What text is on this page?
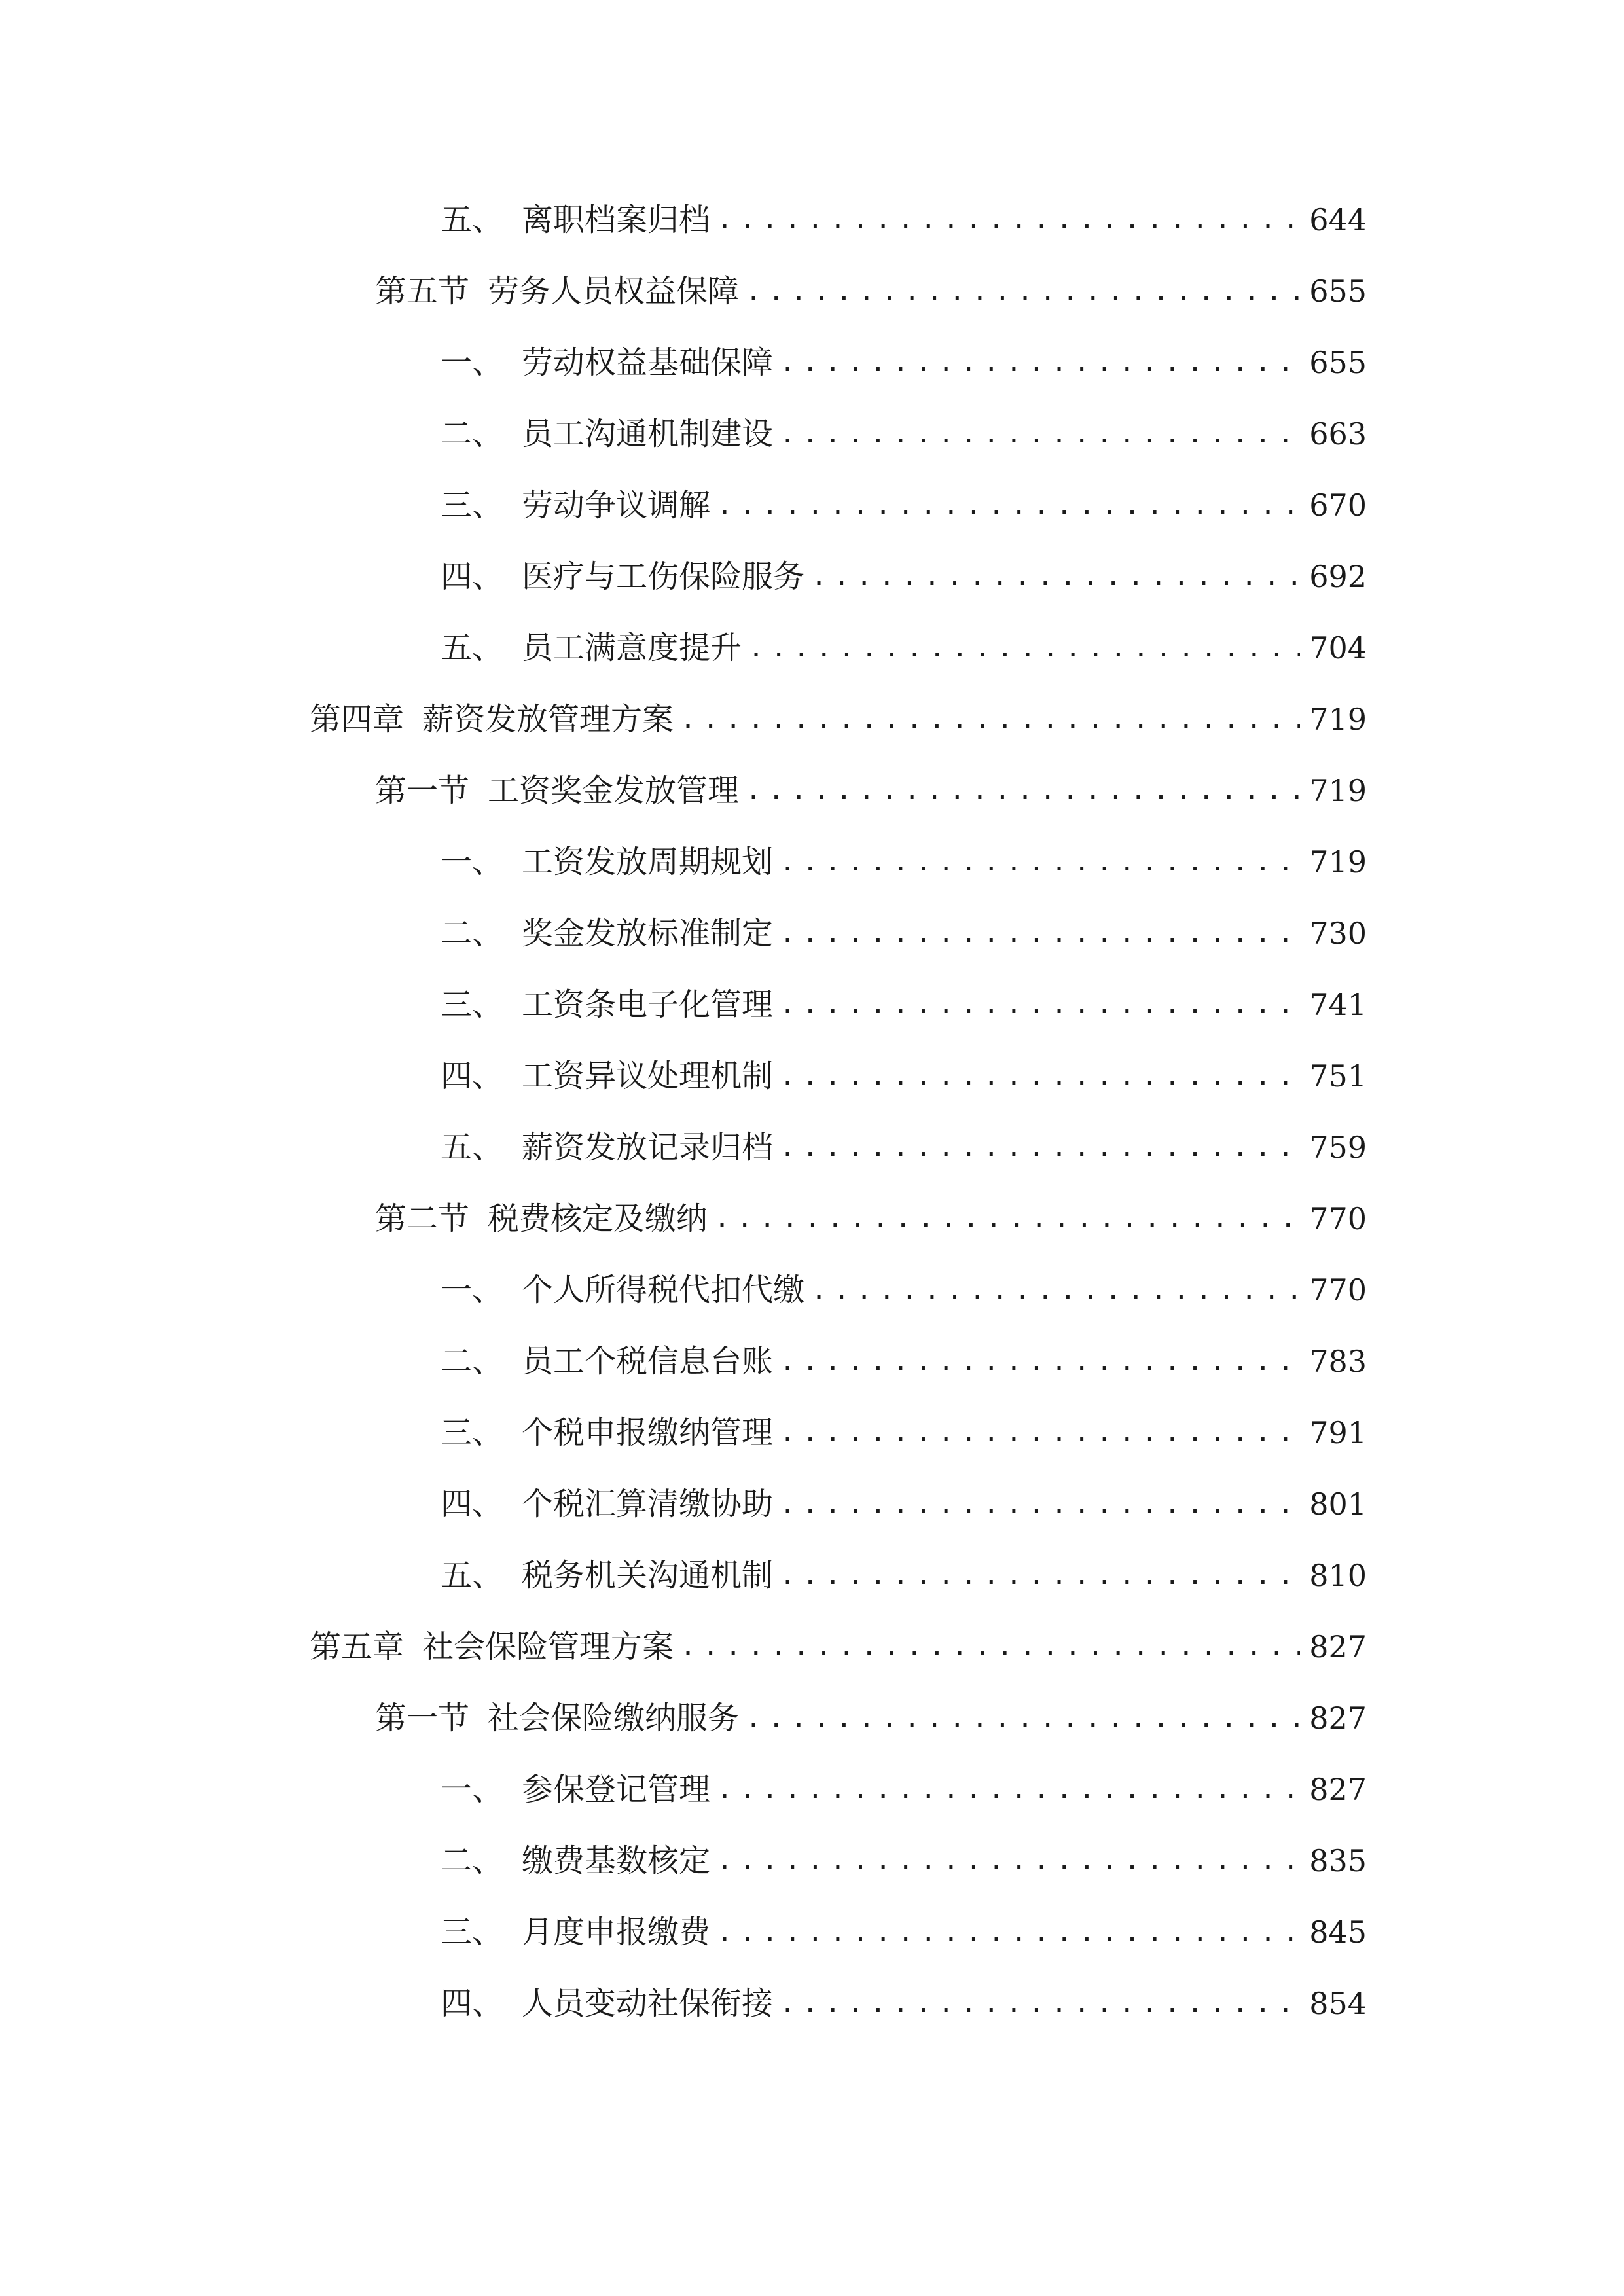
五、 离职档案归档 .....	644
第五节 劳务人员权益保障 .....	655
一、 劳动权益基础保障 .....	655
二、 员工沟通机制建设 .....	663
三、 劳动争议调解 .....	670
四、 医疗与工伤保险服务 .....	692
五、 员工满意度提升 .....	704
第四章 薪资发放管理方案 .....	719
第一节 工资奖金发放管理 .....	719
一、 工资发放周期规划 .....	719
二、 奖金发放标准制定 .....	730
三、 工资条电子化管理 .....	741
四、 工资异议处理机制 .....	751
五、 薪资发放记录归档 .....	759
第二节 税费核定及缴纳 .....	770
一、 个人所得税代扣代缴 .....	770
二、 员工个税信息台账 .....	783
三、 个税申报缴纳管理 .....	791
四、 个税汇算清缴协助 .....	801
五、 税务机关沟通机制 .....	810
第五章 社会保险管理方案 .....	827
第一节 社会保险缴纳服务 .....	827
一、 参保登记管理 .....	827
二、 缴费基数核定 .....	835
三、 月度申报缴费 .....	845
四、 人员变动社保衔接 .....	854
